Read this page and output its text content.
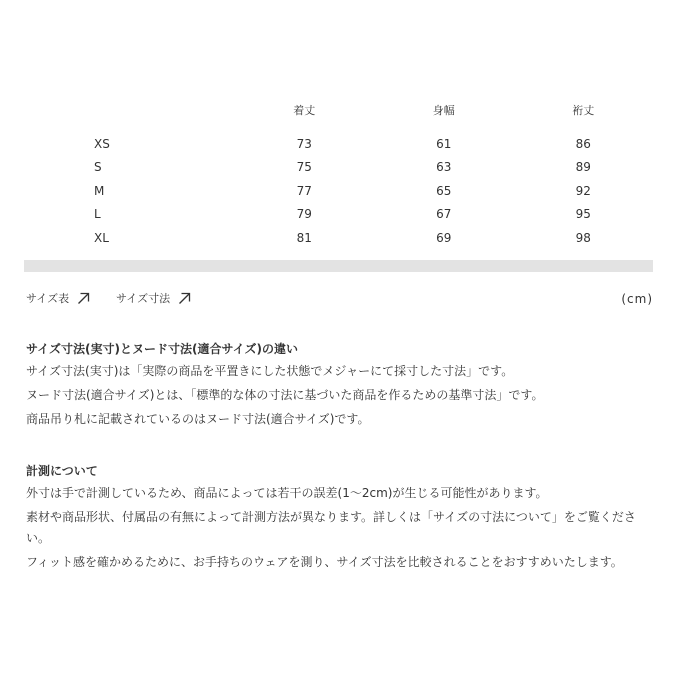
	着丈	身幅	裄丈
XS	73	61	86
S	75	63	89
M	77	65	92
L	79	67	95
XL	81	69	98
サイズ表	サイズ寸法	(cm)
サイズ寸法(実寸)とヌード寸法(適合サイズ)の違い

サイズ寸法(実寸)は「実際の商品を平置きにした状態でメジャーにて採寸した寸法」です。

ヌード寸法(適合サイズ)とは、「標準的な体の寸法に基づいた商品を作るための基準寸法」です。

商品吊り札に記載されているのはヌード寸法(適合サイズ)です。

計測について

外寸は手で計測しているため、商品によっては若干の誤差(1〜2cm)が生じる可能性があります。

素材や商品形状、付属品の有無によって計測方法が異なります。詳しくは「サイズの寸法について」をご覧ください。

フィット感を確かめるために、お手持ちのウェアを測り、サイズ寸法を比較されることをおすすめいたします。
